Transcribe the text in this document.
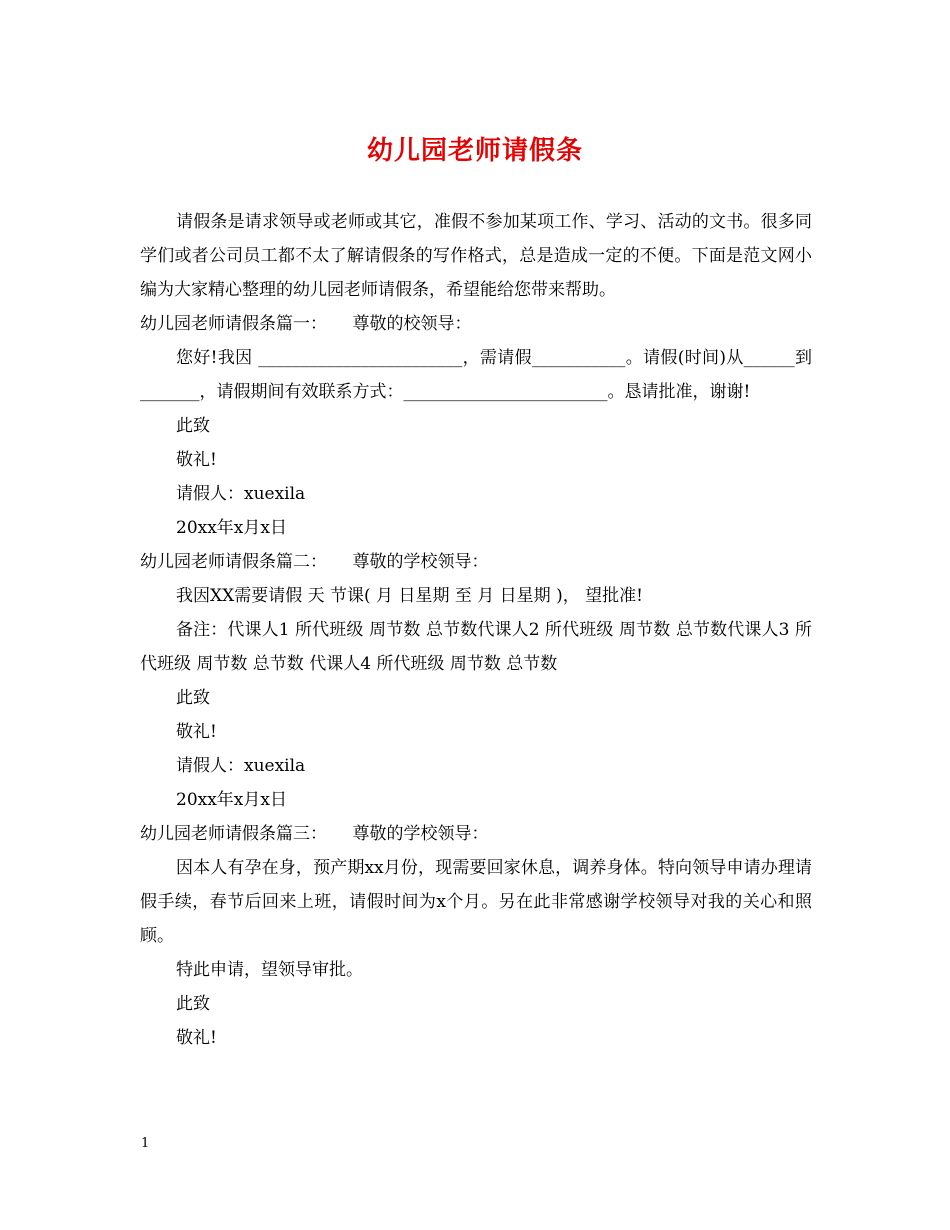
幼儿园老师请假条

请假条是请求领导或老师或其它，准假不参加某项工作、学习、活动的文书。很多同学们或者公司员工都不太了解请假条的写作格式，总是造成一定的不便。下面是范文网小编为大家精心整理的幼儿园老师请假条，希望能给您带来帮助。

幼儿园老师请假条篇一：　　尊敬的校领导：

您好!我因 ________________________，需请假___________。请假(时间)从______到_______，请假期间有效联系方式：________________________。恳请批准，谢谢!

此致

敬礼!

请假人：xuexila

20xx年x月x日

幼儿园老师请假条篇二：　　尊敬的学校领导：

我因XX需要请假 天 节课( 月 日星期 至 月 日星期 )， 望批准!

备注：代课人1 所代班级 周节数 总节数代课人2 所代班级 周节数 总节数代课人3 所代班级 周节数 总节数 代课人4 所代班级 周节数 总节数

此致

敬礼!

请假人：xuexila

20xx年x月x日

幼儿园老师请假条篇三：　　尊敬的学校领导：

因本人有孕在身，预产期xx月份，现需要回家休息，调养身体。特向领导申请办理请假手续，春节后回来上班，请假时间为x个月。另在此非常感谢学校领导对我的关心和照顾。

特此申请，望领导审批。

此致

敬礼!

1
